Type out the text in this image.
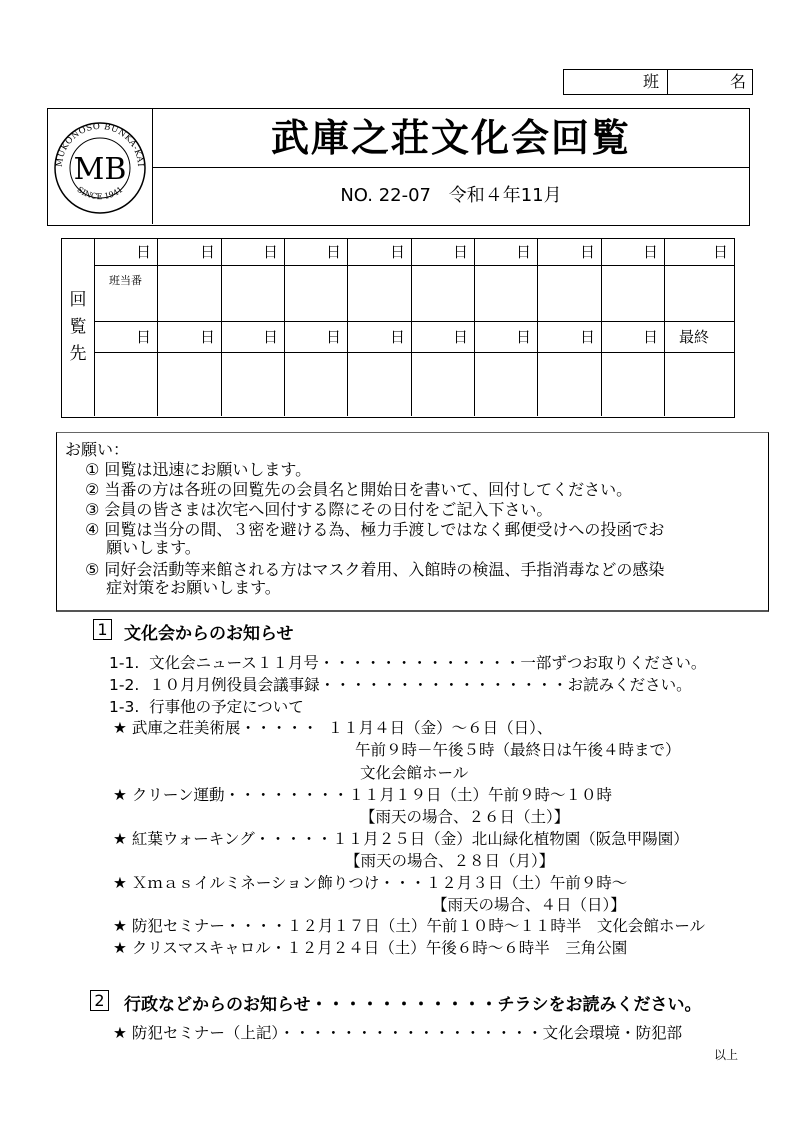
班	名
MUKONOSO BUNKA-KAI
SINCE 1941
MB
武庫之荘文化会回覧
NO. 22-07 令和４年11月
回
覧
先
日	日	日	日	日	日	日	日	日	日
班当番
日	日	日	日	日	日	日	日	日	最終
お願い：
① 回覧は迅速にお願いします。
② 当番の方は各班の回覧先の会員名と開始日を書いて、回付してください。
③ 会員の皆さまは次宅へ回付する際にその日付をご記入下さい。
④ 回覧は当分の間、３密を避ける為、極力手渡しではなく郵便受けへの投函でお
　 願いします。
⑤ 同好会活動等来館される方はマスク着用、入館時の検温、手指消毒などの感染
　 症対策をお願いします。
1 文化会からのお知らせ
1-1.  文化会ニュース１１月号・・・・・・・・・・・・・一部ずつお取りください。
1-2.  １０月月例役員会議事録・・・・・・・・・・・・・・・・お読みください。
1-3.  行事他の予定について
★ 武庫之荘美術展・・・・・  １１月４日（金）～６日（日）、
午前９時－午後５時（最終日は午後４時まで）
文化会館ホール
★ クリーン運動・・・・・・・・１１月１９日（土）午前９時～１０時
【雨天の場合、２６日（土）】
★ 紅葉ウォーキング・・・・・１１月２５日（金）北山緑化植物園（阪急甲陽園）
【雨天の場合、２８日（月）】
★ Ｘｍａｓイルミネーション飾りつけ・・・１２月３日（土）午前９時～
【雨天の場合、４日（日）】
★ 防犯セミナー・・・・１２月１７日（土）午前１０時～１１時半　文化会館ホール
★ クリスマスキャロル・１２月２４日（土）午後６時～６時半　三角公園
2 行政などからのお知らせ・・・・・・・・・・・チラシをお読みください。
★ 防犯セミナー（上記）・・・・・・・・・・・・・・・・・文化会環境・防犯部
以上
